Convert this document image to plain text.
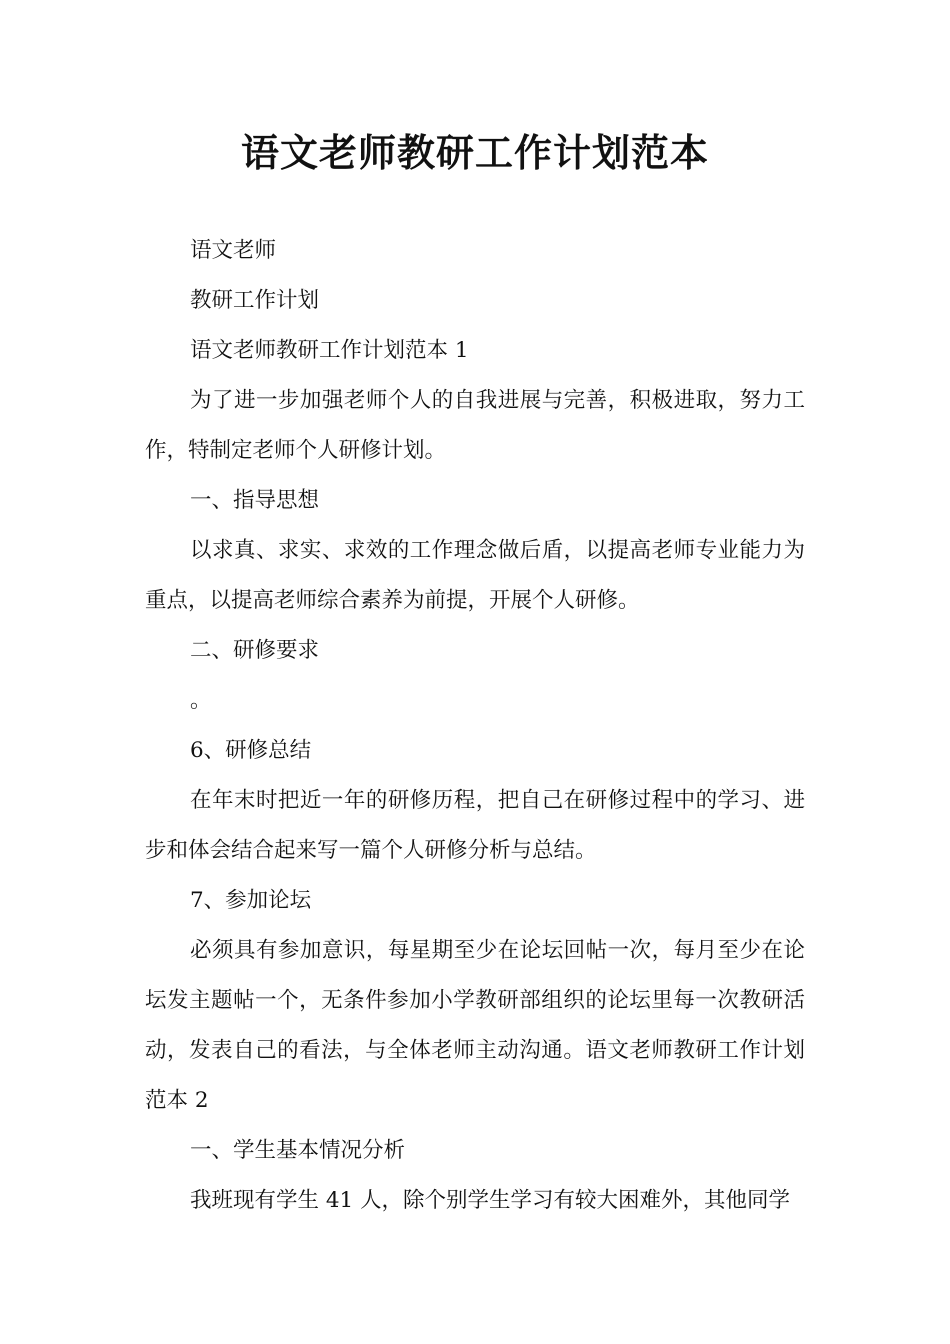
语文老师教研工作计划范本

语文老师

教研工作计划

语文老师教研工作计划范本 1

为了进一步加强老师个人的自我进展与完善，积极进取，努力工作，特制定老师个人研修计划。

一、指导思想

以求真、求实、求效的工作理念做后盾，以提高老师专业能力为重点，以提高老师综合素养为前提，开展个人研修。

二、研修要求

。

6、研修总结

在年末时把近一年的研修历程，把自己在研修过程中的学习、进步和体会结合起来写一篇个人研修分析与总结。

7、参加论坛

必须具有参加意识，每星期至少在论坛回帖一次，每月至少在论坛发主题帖一个，无条件参加小学教研部组织的论坛里每一次教研活动，发表自己的看法，与全体老师主动沟通。语文老师教研工作计划范本 2

一、学生基本情况分析

我班现有学生 41 人，除个别学生学习有较大困难外，其他同学
